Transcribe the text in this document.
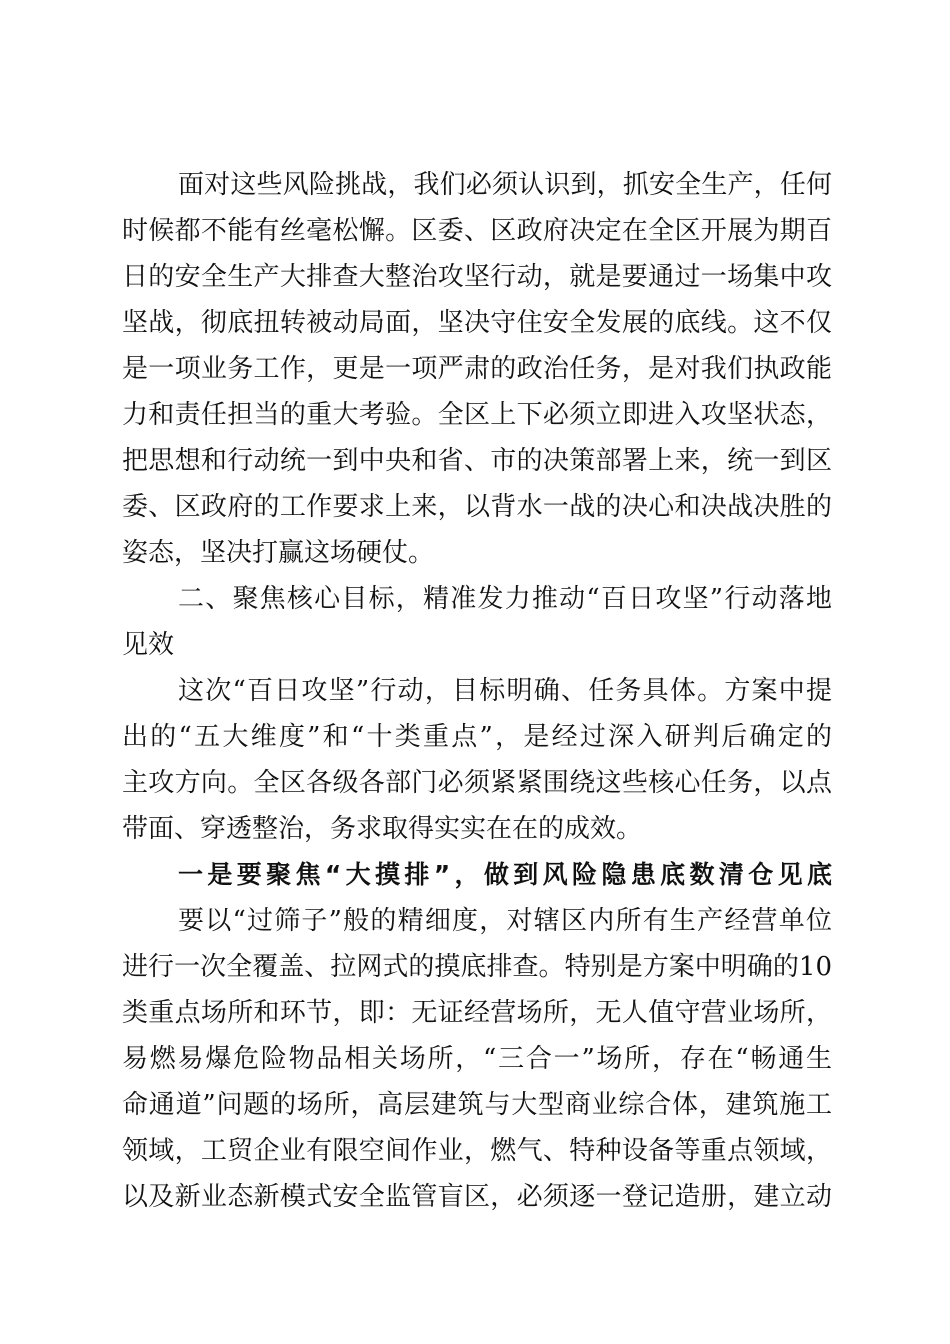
面对这些风险挑战，我们必须认识到，抓安全生产，任何
时候都不能有丝毫松懈。区委、区政府决定在全区开展为期百
日的安全生产大排查大整治攻坚行动，就是要通过一场集中攻
坚战，彻底扭转被动局面，坚决守住安全发展的底线。这不仅
是一项业务工作，更是一项严肃的政治任务，是对我们执政能
力和责任担当的重大考验。全区上下必须立即进入攻坚状态，
把思想和行动统一到中央和省、市的决策部署上来，统一到区
委、区政府的工作要求上来，以背水一战的决心和决战决胜的
姿态，坚决打赢这场硬仗。
二、聚焦核心目标，精准发力推动“百日攻坚”行动落地
见效
这次“百日攻坚”行动，目标明确、任务具体。方案中提
出的“五大维度”和“十类重点”，是经过深入研判后确定的
主攻方向。全区各级各部门必须紧紧围绕这些核心任务，以点
带面、穿透整治，务求取得实实在在的成效。
一是要聚焦“大摸排”，做到风险隐患底数清仓见底
要以“过筛子”般的精细度，对辖区内所有生产经营单位
进行一次全覆盖、拉网式的摸底排查。特别是方案中明确的10
类重点场所和环节，即：无证经营场所，无人值守营业场所，
易燃易爆危险物品相关场所，“三合一”场所，存在“畅通生
命通道”问题的场所，高层建筑与大型商业综合体，建筑施工
领域，工贸企业有限空间作业，燃气、特种设备等重点领域，
以及新业态新模式安全监管盲区，必须逐一登记造册，建立动
